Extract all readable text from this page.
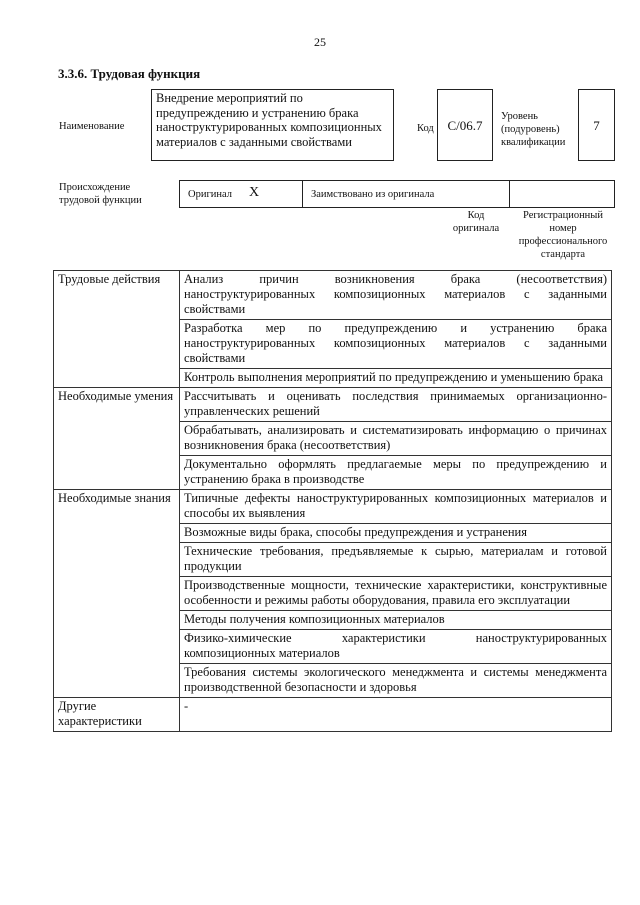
25
3.3.6. Трудовая функция
Наименование
Внедрение мероприятий по предупреждению и устранению брака наноструктурированных композиционных материалов с заданными свойствами
Код	C/06.7
Уровень (подуровень) квалификации
7
Происхождение трудовой функции
Оригинал X	Заимствовано из оригинала
Код оригинала
Регистрационный номер профессионального стандарта
Трудовые действия	Анализ причин возникновения брака (несоответствия) наноструктурированных композиционных материалов с заданными свойствами
	Разработка мер по предупреждению и устранению брака наноструктурированных композиционных материалов с заданными свойствами
	Контроль выполнения мероприятий по предупреждению и уменьшению брака
Необходимые умения	Рассчитывать и оценивать последствия принимаемых организационно-управленческих решений
	Обрабатывать, анализировать и систематизировать информацию о причинах возникновения брака (несоответствия)
	Документально оформлять предлагаемые меры по предупреждению и устранению брака в производстве
Необходимые знания	Типичные дефекты наноструктурированных композиционных материалов и способы их выявления
	Возможные виды брака, способы предупреждения и устранения
	Технические требования, предъявляемые к сырью, материалам и готовой продукции
	Производственные мощности, технические характеристики, конструктивные особенности и режимы работы оборудования, правила его эксплуатации
	Методы получения композиционных материалов
	Физико-химические характеристики наноструктурированных композиционных материалов
	Требования системы экологического менеджмента и системы менеджмента производственной безопасности и здоровья
Другие характеристики	-
